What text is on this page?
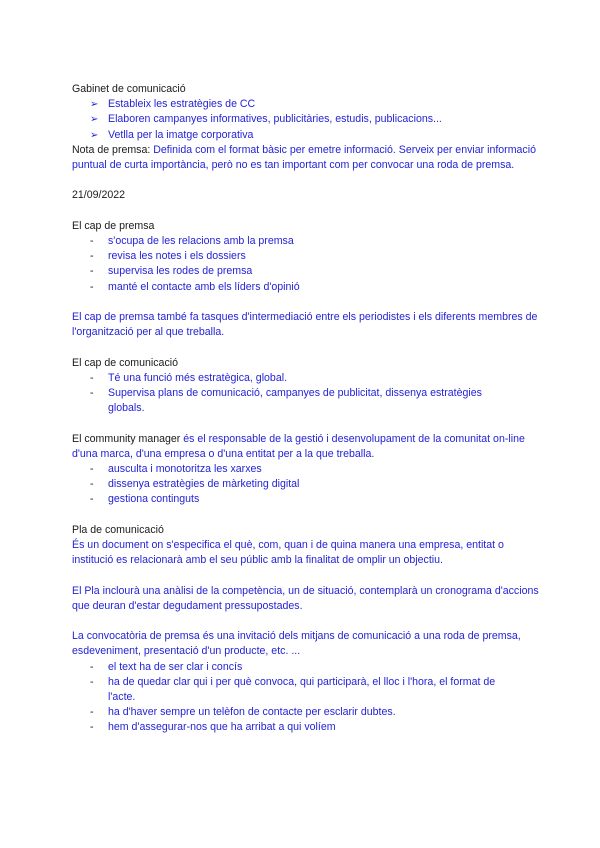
Gabinet de comunicació
➢ Estableix les estratègies de CC
➢ Elaboren campanyes informatives, publicitàries, estudis, publicacions...
➢ Vetlla per la imatge corporativa
Nota de premsa: Definida com el format bàsic per emetre informació. Serveix per enviar informació puntual de curta importància, però no es tan important com per convocar una roda de premsa.
21/09/2022
El cap de premsa
- s'ocupa de les relacions amb la premsa
- revisa les notes i els dossiers
- supervisa les rodes de premsa
- manté el contacte amb els líders d'opinió
El cap de premsa també fa tasques d'intermediació entre els periodistes i els diferents membres de l'organització per al que treballa.
El cap de comunicació
- Té una funció més estratègica, global.
- Supervisa plans de comunicació, campanyes de publicitat, dissenya estratègies globals.
El community manager és el responsable de la gestió i desenvolupament de la comunitat on-line d'una marca, d'una empresa o d'una entitat per a la que treballa.
- ausculta i monotoritza les xarxes
- dissenya estratègies de màrketing digital
- gestiona continguts
Pla de comunicació
És un document on s'especifica el què, com, quan i de quina manera una empresa, entitat o institució es relacionarà amb el seu públic amb la finalitat de omplir un objectiu.
El Pla inclourà una anàlisi de la competència, un de situació, contemplarà un cronograma d'accions que deuran d'estar degudament pressupostades.
La convocatòria de premsa és una invitació dels mitjans de comunicació a una roda de premsa, esdeveniment, presentació d'un producte, etc. ...
- el text ha de ser clar i concís
- ha de quedar clar qui i per què convoca, qui participarà, el lloc i l'hora, el format de l'acte.
- ha d'haver sempre un telèfon de contacte per esclarir dubtes.
- hem d'assegurar-nos que ha arribat a qui volíem
